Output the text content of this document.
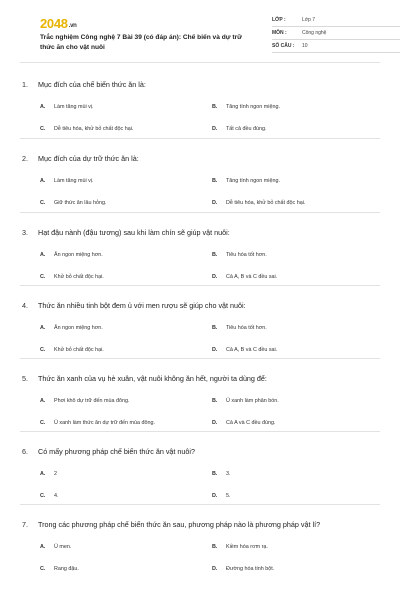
2048.vn
Trắc nghiệm Công nghệ 7 Bài 39 (có đáp án): Chế biến và dự trữ thức ăn cho vật nuôi
LỚP :	Lớp 7
MÔN :	Công nghệ
SỐ CÂU :	10
1.	Mục đích của chế biến thức ăn là:
A.	Làm tăng mùi vị.	B.	Tăng tính ngon miệng.
C.	Dễ tiêu hóa, khử bỏ chất độc hại.	D.	Tất cả đều đúng.
2.	Mục đích của dự trữ thức ăn là:
A.	Làm tăng mùi vị.	B.	Tăng tính ngon miệng.
C.	Giữ thức ăn lâu hỏng.	D.	Dễ tiêu hóa, khử bỏ chất độc hại.
3.	Hạt đậu nành (đậu tương) sau khi làm chín sẽ giúp vật nuôi:
A.	Ăn ngon miệng hơn.	B.	Tiêu hóa tốt hơn.
C.	Khử bỏ chất độc hại.	D.	Cả A, B và C đều sai.
4.	Thức ăn nhiều tinh bột đem ủ với men rượu sẽ giúp cho vật nuôi:
A.	Ăn ngon miệng hơn.	B.	Tiêu hóa tốt hơn.
C.	Khử bỏ chất độc hại.	D.	Cả A, B và C đều sai.
5.	Thức ăn xanh của vụ hè xuân, vật nuôi không ăn hết, người ta dùng để:
A.	Phơi khô dự trữ đến mùa đông.	B.	Ủ xanh làm phân bón.
C.	Ủ xanh làm thức ăn dự trữ đến mùa đông.	D.	Cả A và C đều đúng.
6.	Có mấy phương pháp chế biến thức ăn vật nuôi?
A.	2	B.	3.
C.	4.	D.	5.
7.	Trong các phương pháp chế biến thức ăn sau, phương pháp nào là phương pháp vật lí?
A.	Ủ men.	B.	Kiềm hóa rơm rạ.
C.	Rang đậu.	D.	Đường hóa tinh bột.
